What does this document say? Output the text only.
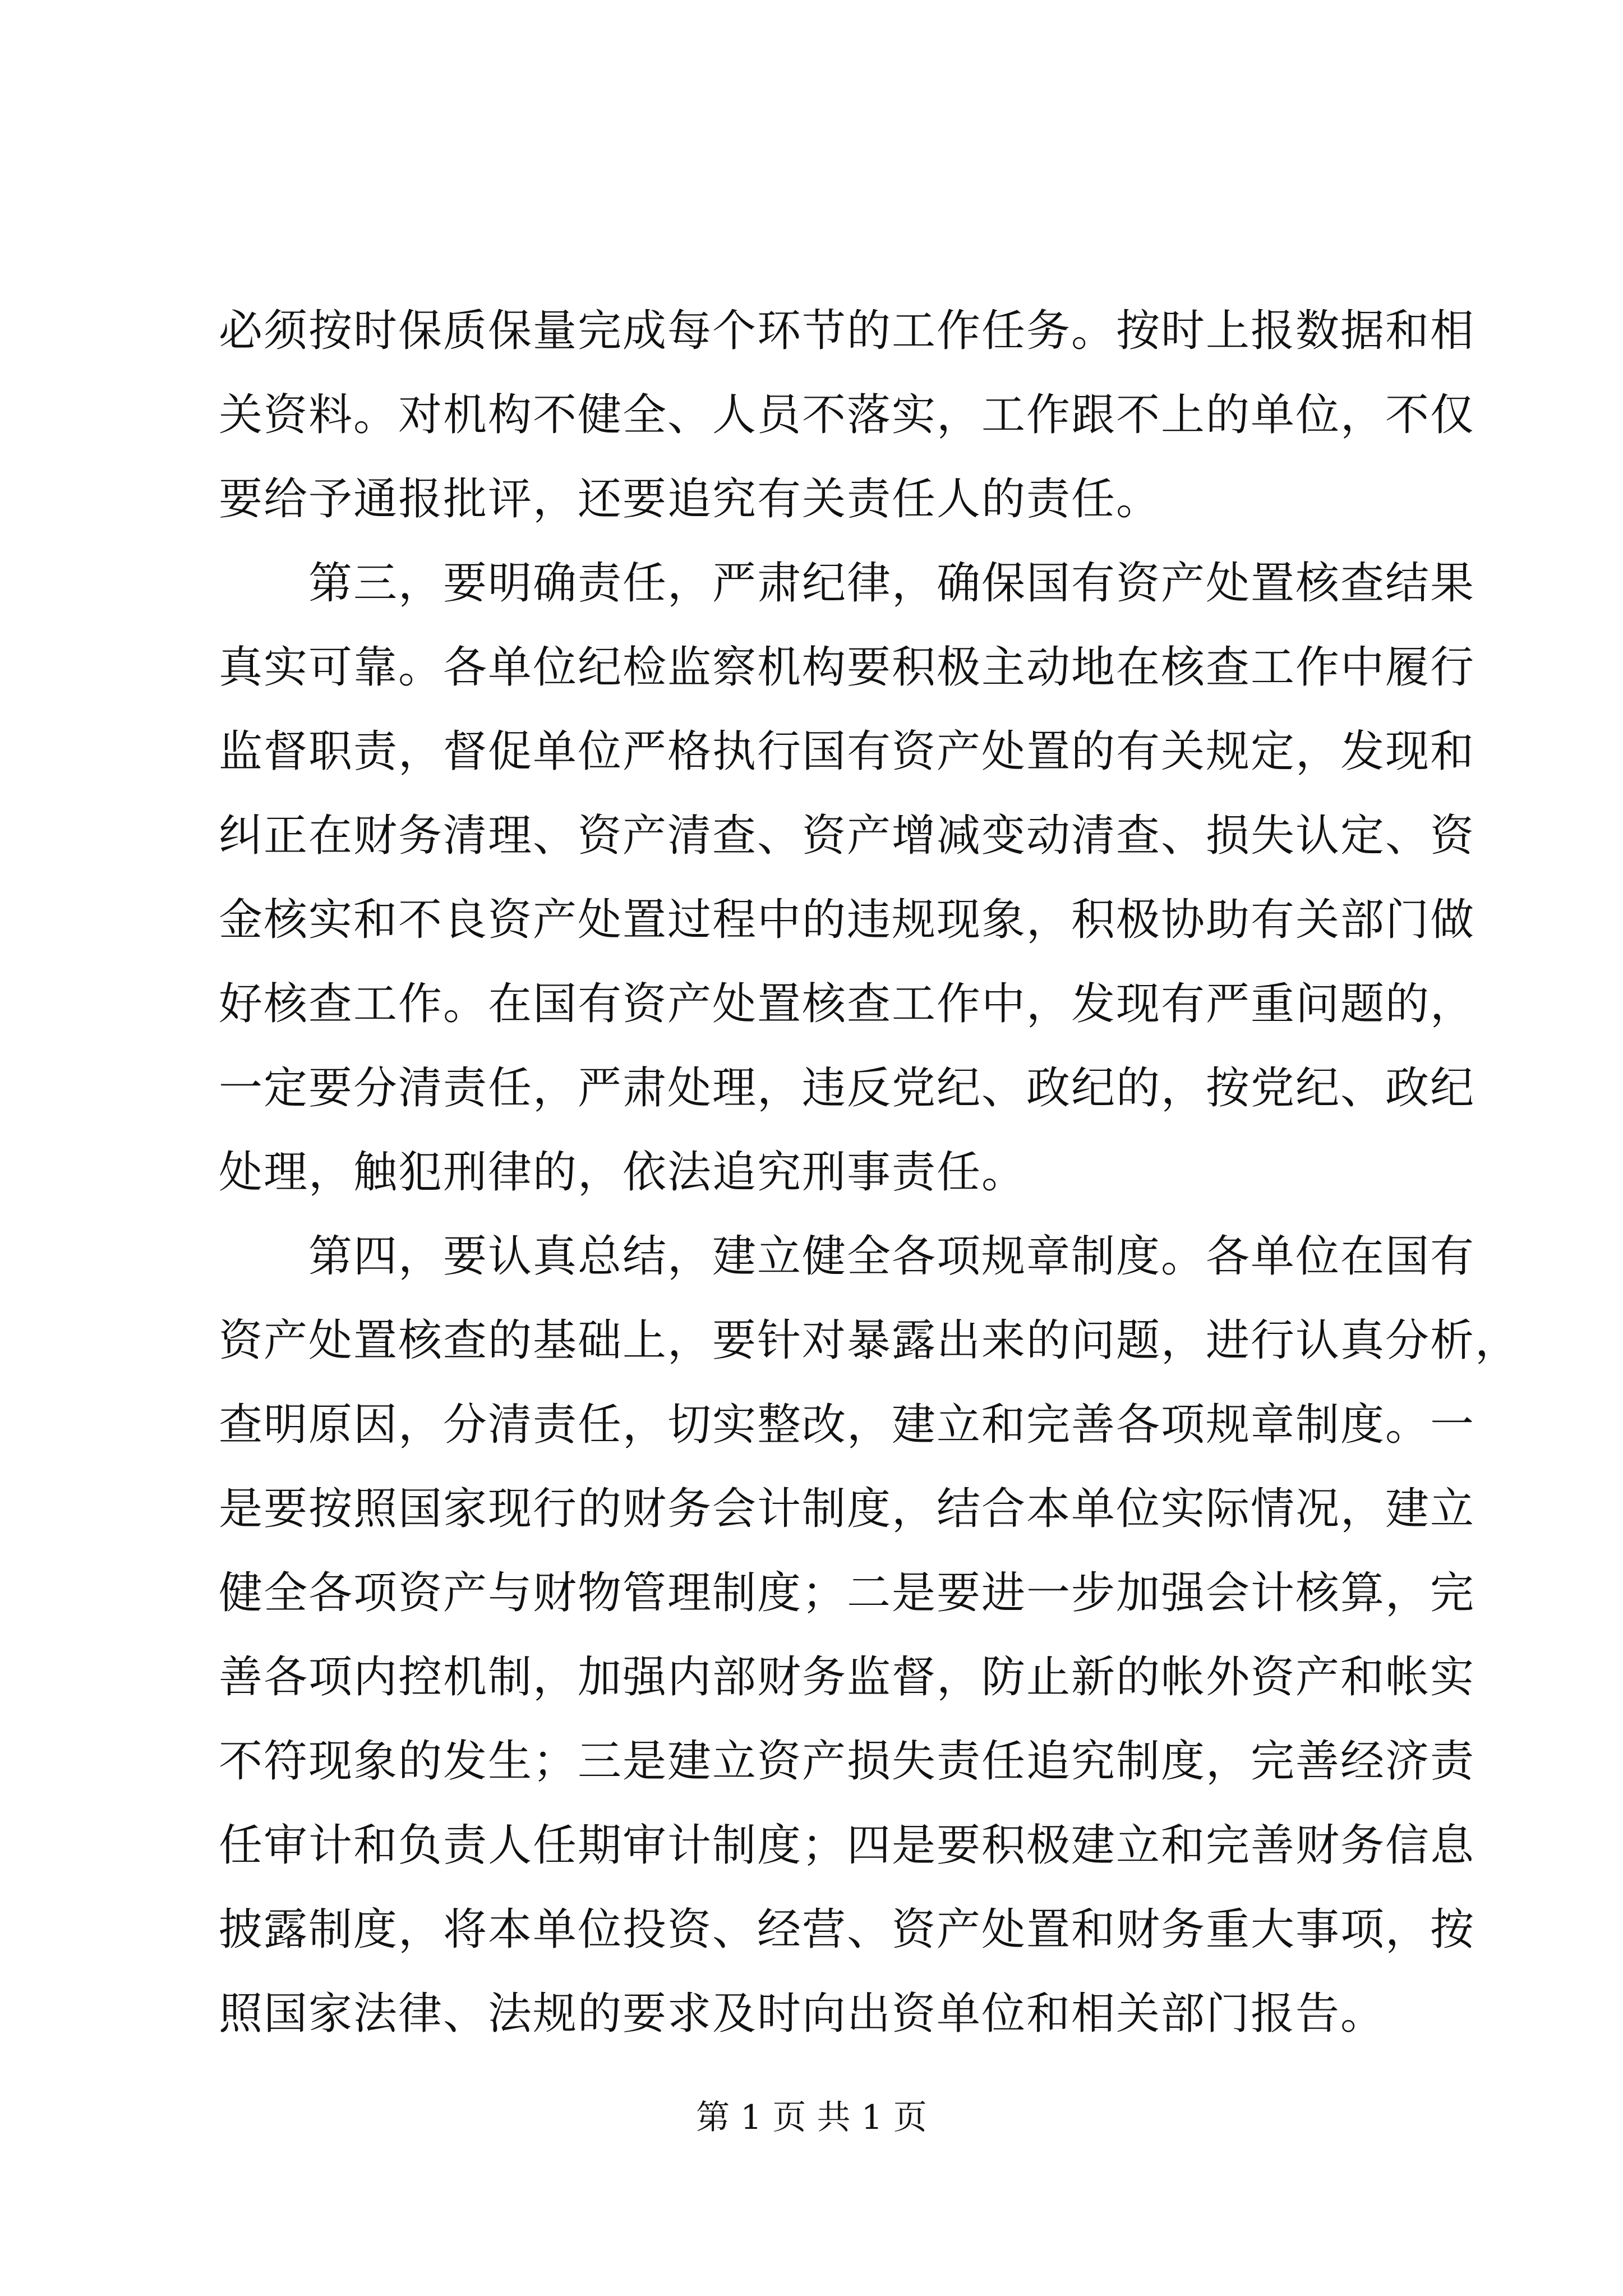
必须按时保质保量完成每个环节的工作任务。按时上报数据和相
关资料。对机构不健全、人员不落实，工作跟不上的单位，不仅
要给予通报批评，还要追究有关责任人的责任。
第三，要明确责任，严肃纪律，确保国有资产处置核查结果
真实可靠。各单位纪检监察机构要积极主动地在核查工作中履行
监督职责，督促单位严格执行国有资产处置的有关规定，发现和
纠正在财务清理、资产清查、资产增减变动清查、损失认定、资
金核实和不良资产处置过程中的违规现象，积极协助有关部门做
好核查工作。在国有资产处置核查工作中，发现有严重问题的，
一定要分清责任，严肃处理，违反党纪、政纪的，按党纪、政纪
处理，触犯刑律的，依法追究刑事责任。
第四，要认真总结，建立健全各项规章制度。各单位在国有
资产处置核查的基础上，要针对暴露出来的问题，进行认真分析，
查明原因，分清责任，切实整改，建立和完善各项规章制度。一
是要按照国家现行的财务会计制度，结合本单位实际情况，建立
健全各项资产与财物管理制度；二是要进一步加强会计核算，完
善各项内控机制，加强内部财务监督，防止新的帐外资产和帐实
不符现象的发生；三是建立资产损失责任追究制度，完善经济责
任审计和负责人任期审计制度；四是要积极建立和完善财务信息
披露制度，将本单位投资、经营、资产处置和财务重大事项，按
照国家法律、法规的要求及时向出资单位和相关部门报告。
第 1 页 共 1 页
